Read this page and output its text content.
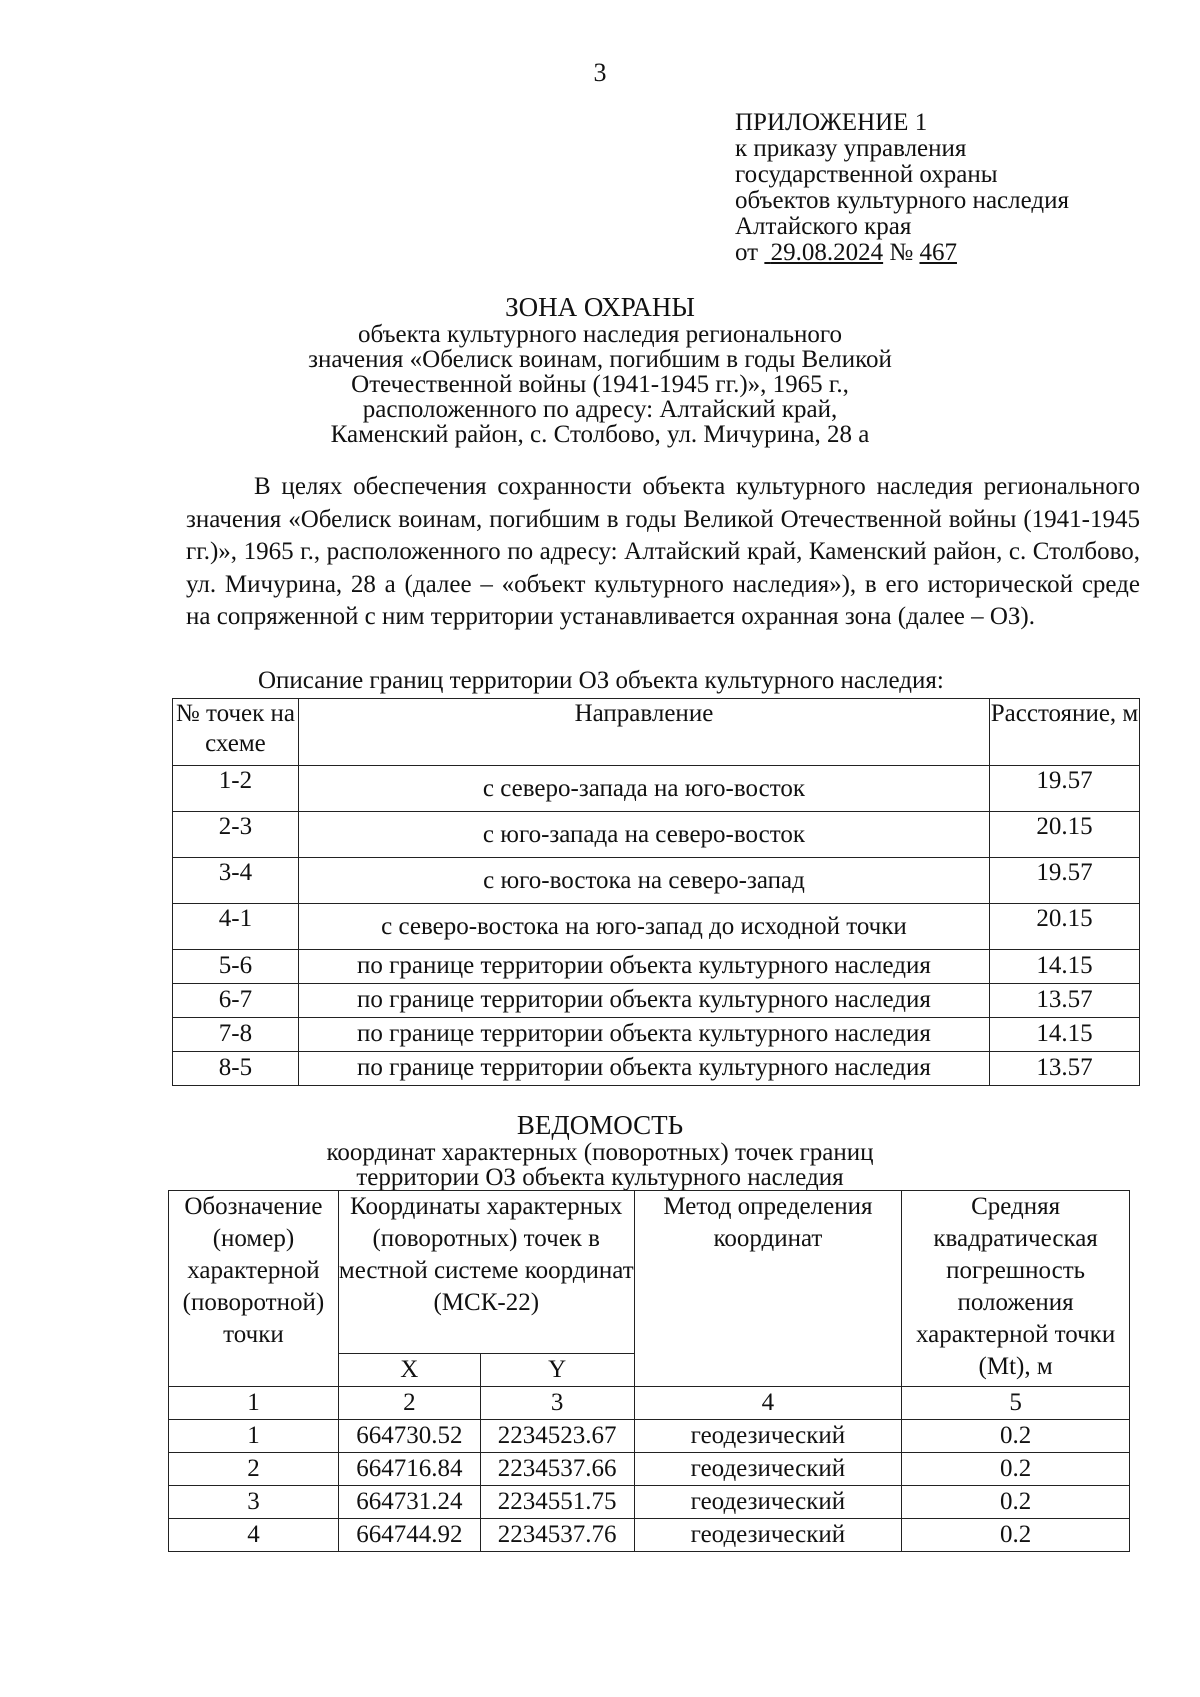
3
ПРИЛОЖЕНИЕ 1
к приказу управления
государственной охраны
объектов культурного наследия
Алтайского края
от 29.08.2024 № 467
ЗОНА ОХРАНЫ
объекта культурного наследия регионального
значения «Обелиск воинам, погибшим в годы Великой
Отечественной войны (1941-1945 гг.)», 1965 г.,
расположенного по адресу: Алтайский край,
Каменский район, с. Столбово, ул. Мичурина, 28 а

В целях обеспечения сохранности объекта культурного наследия регионального значения «Обелиск воинам, погибшим в годы Великой Отечественной войны (1941-1945 гг.)», 1965 г., расположенного по адресу: Алтайский край, Каменский район, с. Столбово, ул. Мичурина, 28 а (далее – «объект культурного наследия»), в его исторической среде на сопряженной с ним территории устанавливается охранная зона (далее – ОЗ).

Описание границ территории ОЗ объекта культурного наследия:
№ точек на схеме	Направление	Расстояние, м
1-2	с северо-запада на юго-восток	19.57
2-3	с юго-запада на северо-восток	20.15
3-4	с юго-востока на северо-запад	19.57
4-1	с северо-востока на юго-запад до исходной точки	20.15
5-6	по границе территории объекта культурного наследия	14.15
6-7	по границе территории объекта культурного наследия	13.57
7-8	по границе территории объекта культурного наследия	14.15
8-5	по границе территории объекта культурного наследия	13.57
ВЕДОМОСТЬ
координат характерных (поворотных) точек границ
территории ОЗ объекта культурного наследия
Обозначение (номер) характерной (поворотной) точки	Координаты характерных (поворотных) точек в местной системе координат (МСК-22)		Метод определения координат	Средняя квадратическая погрешность положения характерной точки (Mt), м
	X	Y		
1	2	3	4	5
1	664730.52	2234523.67	геодезический	0.2
2	664716.84	2234537.66	геодезический	0.2
3	664731.24	2234551.75	геодезический	0.2
4	664744.92	2234537.76	геодезический	0.2
